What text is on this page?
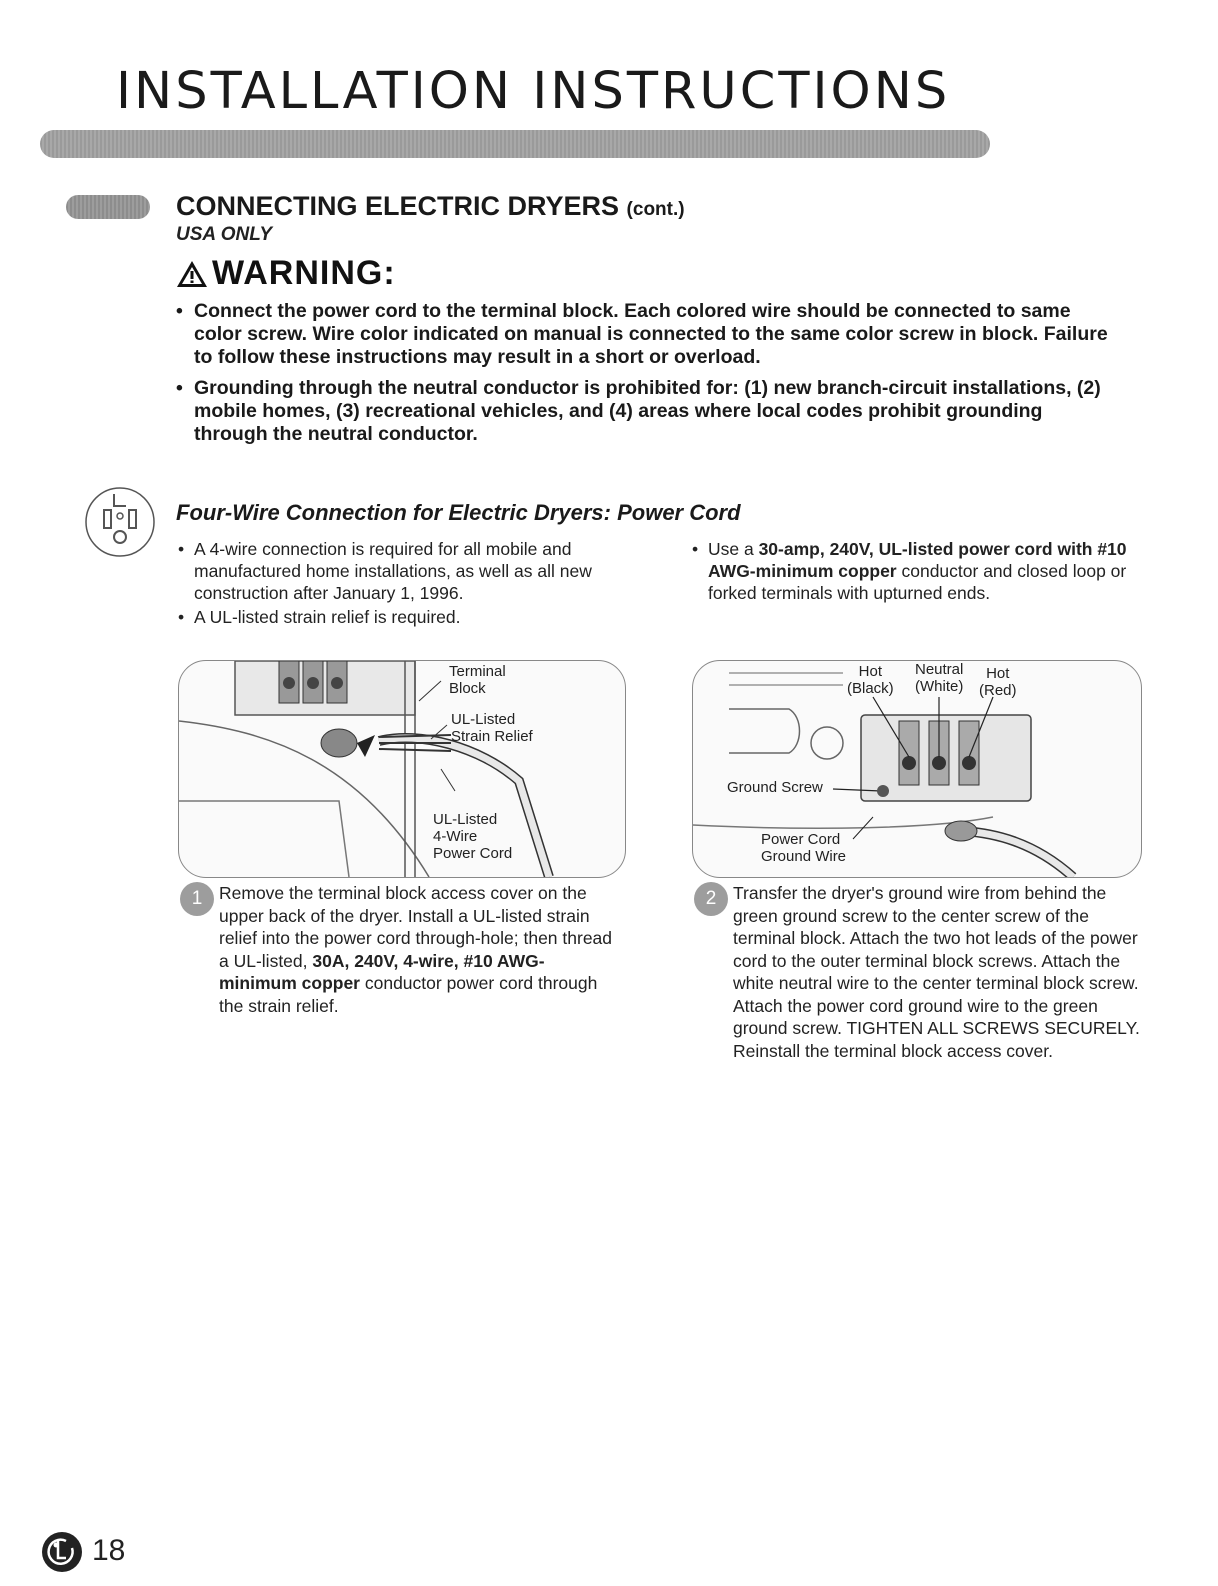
INSTALLATION INSTRUCTIONS
CONNECTING ELECTRIC DRYERS (cont.)
USA ONLY
WARNING:
• Connect the power cord to the terminal block. Each colored wire should be connected to same color screw. Wire color indicated on manual is connected to the same color screw in block. Failure to follow these instructions may result in a short or overload.
• Grounding through the neutral conductor is prohibited for: (1) new branch-circuit installations, (2) mobile homes, (3) recreational vehicles, and (4) areas where local codes prohibit grounding through the neutral conductor.
Four-Wire Connection for Electric Dryers: Power Cord
• A 4-wire connection is required for all mobile and manufactured home installations, as well as all new construction after January 1, 1996.
• A UL-listed strain relief is required.
• Use a 30-amp, 240V, UL-listed power cord with #10 AWG-minimum copper conductor and closed loop or forked terminals with upturned ends.
Terminal
Block
UL-Listed
Strain Relief
UL-Listed
4-Wire
Power Cord
Hot
(Black)
Neutral
(White)
Hot
(Red)
Ground Screw
Power Cord
Ground Wire
1 Remove the terminal block access cover on the upper back of the dryer. Install a UL-listed strain relief into the power cord through-hole; then thread a UL-listed, 30A, 240V, 4-wire, #10 AWG-minimum copper conductor power cord through the strain relief.
2 Transfer the dryer's ground wire from behind the green ground screw to the center screw of the terminal block. Attach the two hot leads of the power cord to the outer terminal block screws. Attach the white neutral wire to the center terminal block screw. Attach the power cord ground wire to the green ground screw. TIGHTEN ALL SCREWS SECURELY. Reinstall the terminal block access cover.
18
